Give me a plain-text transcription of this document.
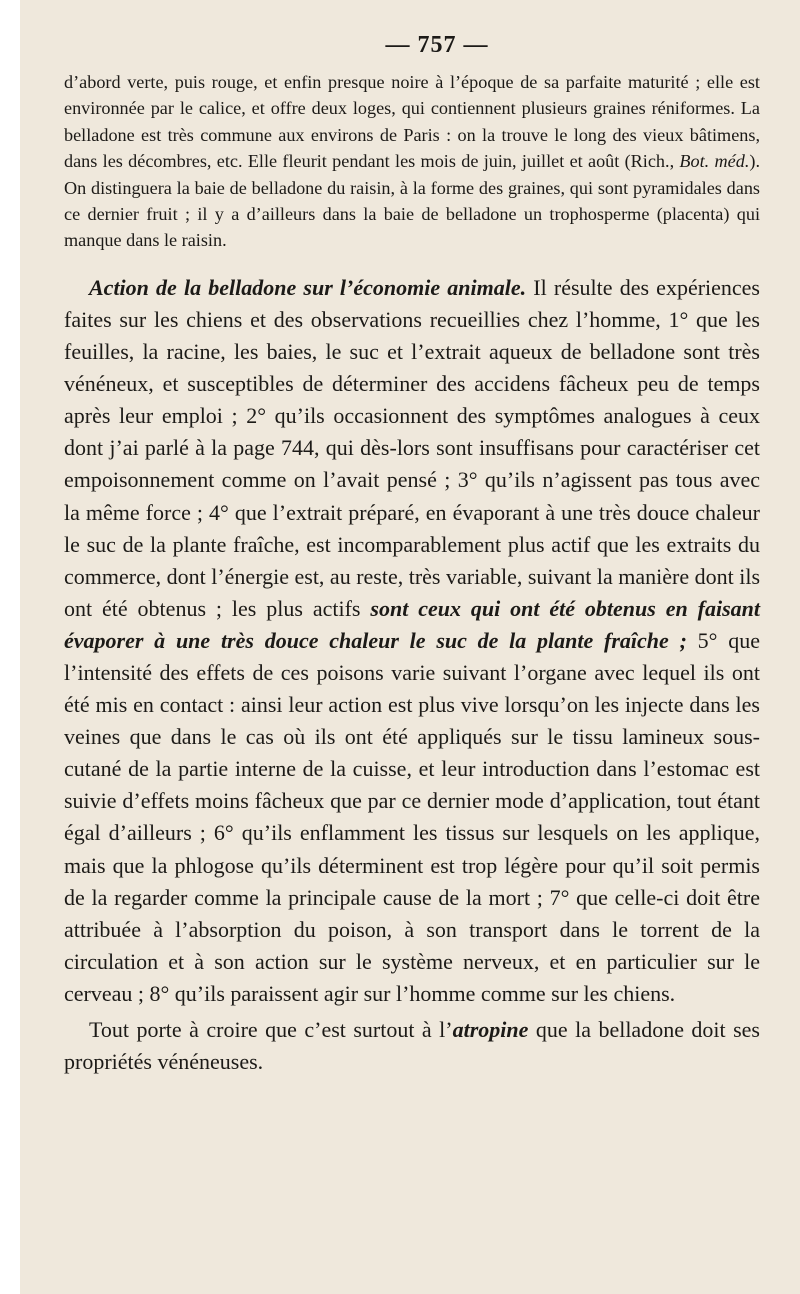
— 757 —

d’abord verte, puis rouge, et enfin presque noire à l’époque de sa parfaite maturité ; elle est environnée par le calice, et offre deux loges, qui contiennent plusieurs graines réniformes. La belladone est très commune aux environs de Paris : on la trouve le long des vieux bâtimens, dans les décombres, etc. Elle fleurit pendant les mois de juin, juillet et août (Rich., Bot. méd.). On distinguera la baie de belladone du raisin, à la forme des graines, qui sont pyramidales dans ce dernier fruit ; il y a d’ailleurs dans la baie de belladone un trophosperme (placenta) qui manque dans le raisin.

Action de la belladone sur l’économie animale. Il résulte des expériences faites sur les chiens et des observations recueillies chez l’homme, 1° que les feuilles, la racine, les baies, le suc et l’extrait aqueux de belladone sont très vénéneux, et susceptibles de déterminer des accidens fâcheux peu de temps après leur emploi ; 2° qu’ils occasionnent des symptômes analogues à ceux dont j’ai parlé à la page 744, qui dès-lors sont insuffisans pour caractériser cet empoisonnement comme on l’avait pensé ; 3° qu’ils n’agissent pas tous avec la même force ; 4° que l’extrait préparé, en évaporant à une très douce chaleur le suc de la plante fraîche, est incomparablement plus actif que les extraits du commerce, dont l’énergie est, au reste, très variable, suivant la manière dont ils ont été obtenus ; les plus actifs sont ceux qui ont été obtenus en faisant évaporer à une très douce chaleur le suc de la plante fraîche ; 5° que l’intensité des effets de ces poisons varie suivant l’organe avec lequel ils ont été mis en contact : ainsi leur action est plus vive lorsqu’on les injecte dans les veines que dans le cas où ils ont été appliqués sur le tissu lamineux sous-cutané de la partie interne de la cuisse, et leur introduction dans l’estomac est suivie d’effets moins fâcheux que par ce dernier mode d’application, tout étant égal d’ailleurs ; 6° qu’ils enflamment les tissus sur lesquels on les applique, mais que la phlogose qu’ils déterminent est trop légère pour qu’il soit permis de la regarder comme la principale cause de la mort ; 7° que celle-ci doit être attribuée à l’absorption du poison, à son transport dans le torrent de la circulation et à son action sur le système nerveux, et en particulier sur le cerveau ; 8° qu’ils paraissent agir sur l’homme comme sur les chiens.

Tout porte à croire que c’est surtout à l’atropine que la belladone doit ses propriétés vénéneuses.
